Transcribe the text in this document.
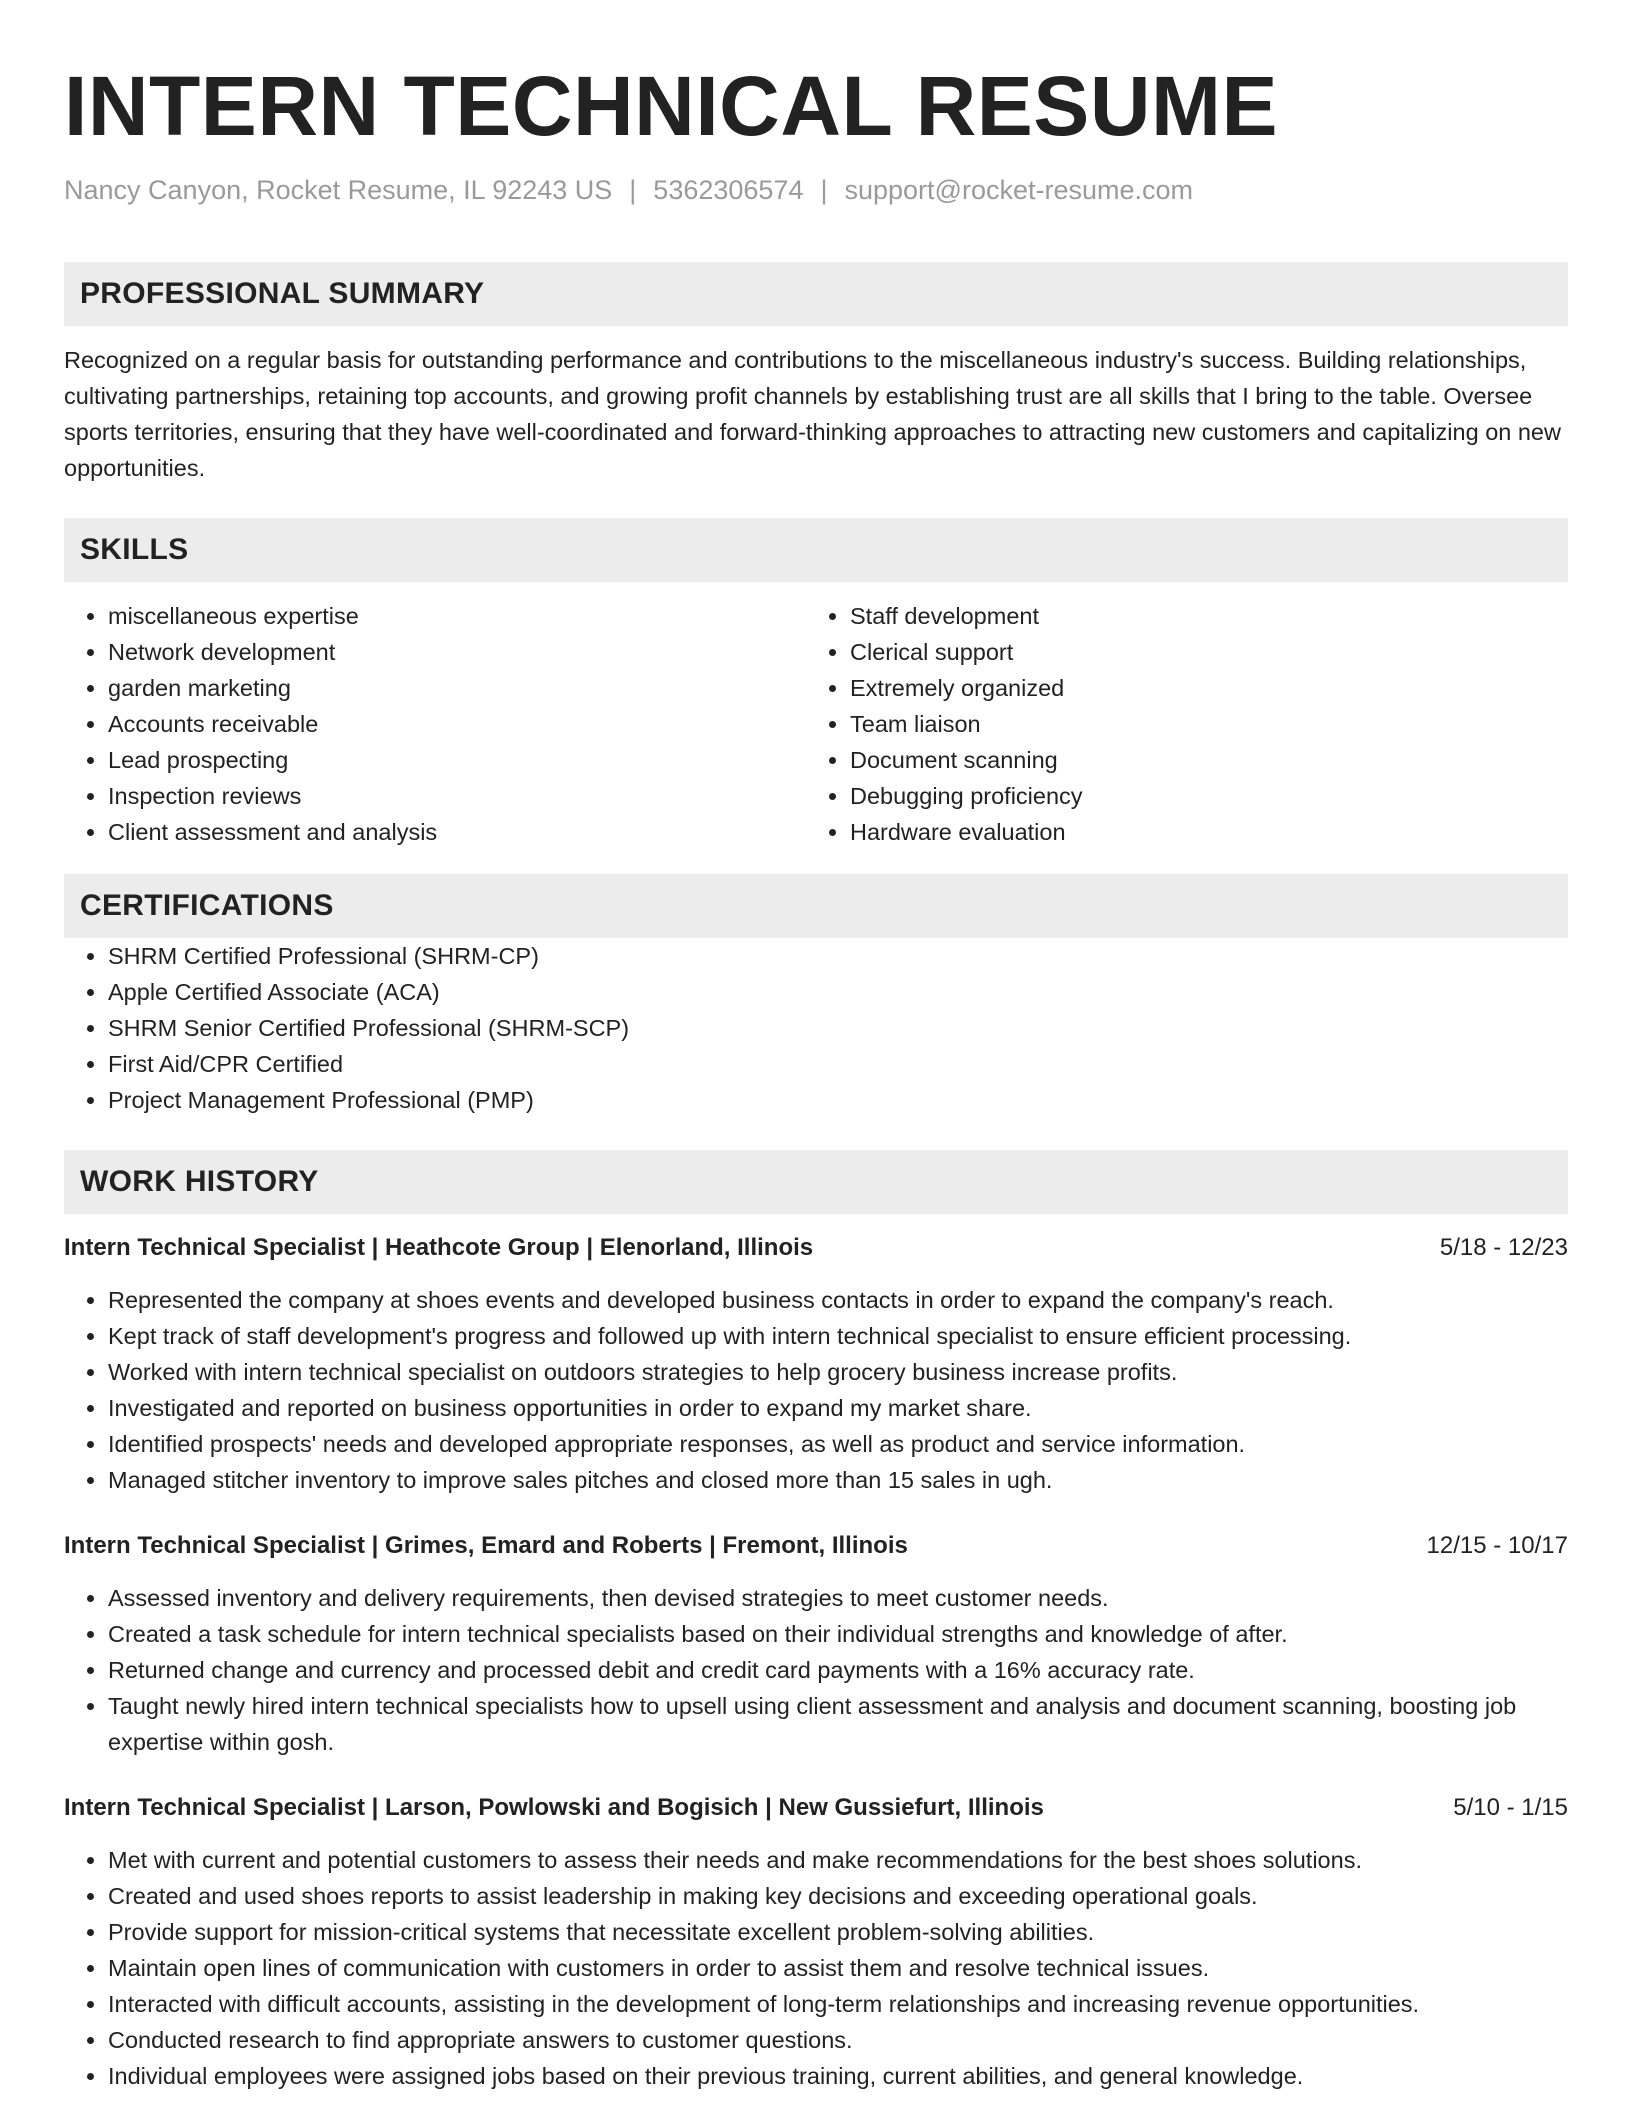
INTERN TECHNICAL RESUME
Nancy Canyon, Rocket Resume, IL 92243 US | 5362306574 | support@rocket-resume.com
PROFESSIONAL SUMMARY

Recognized on a regular basis for outstanding performance and contributions to the miscellaneous industry's success. Building relationships, cultivating partnerships, retaining top accounts, and growing profit channels by establishing trust are all skills that I bring to the table. Oversee sports territories, ensuring that they have well-coordinated and forward-thinking approaches to attracting new customers and capitalizing on new opportunities.

SKILLS
• miscellaneous expertise
• Network development
• garden marketing
• Accounts receivable
• Lead prospecting
• Inspection reviews
• Client assessment and analysis
• Staff development
• Clerical support
• Extremely organized
• Team liaison
• Document scanning
• Debugging proficiency
• Hardware evaluation
CERTIFICATIONS
• SHRM Certified Professional (SHRM-CP)
• Apple Certified Associate (ACA)
• SHRM Senior Certified Professional (SHRM-SCP)
• First Aid/CPR Certified
• Project Management Professional (PMP)
WORK HISTORY
Intern Technical Specialist | Heathcote Group | Elenorland, Illinois	5/18 - 12/23
• Represented the company at shoes events and developed business contacts in order to expand the company's reach.
• Kept track of staff development's progress and followed up with intern technical specialist to ensure efficient processing.
• Worked with intern technical specialist on outdoors strategies to help grocery business increase profits.
• Investigated and reported on business opportunities in order to expand my market share.
• Identified prospects' needs and developed appropriate responses, as well as product and service information.
• Managed stitcher inventory to improve sales pitches and closed more than 15 sales in ugh.
Intern Technical Specialist | Grimes, Emard and Roberts | Fremont, Illinois	12/15 - 10/17
• Assessed inventory and delivery requirements, then devised strategies to meet customer needs.
• Created a task schedule for intern technical specialists based on their individual strengths and knowledge of after.
• Returned change and currency and processed debit and credit card payments with a 16% accuracy rate.
• Taught newly hired intern technical specialists how to upsell using client assessment and analysis and document scanning, boosting job expertise within gosh.
Intern Technical Specialist | Larson, Powlowski and Bogisich | New Gussiefurt, Illinois	5/10 - 1/15
• Met with current and potential customers to assess their needs and make recommendations for the best shoes solutions.
• Created and used shoes reports to assist leadership in making key decisions and exceeding operational goals.
• Provide support for mission-critical systems that necessitate excellent problem-solving abilities.
• Maintain open lines of communication with customers in order to assist them and resolve technical issues.
• Interacted with difficult accounts, assisting in the development of long-term relationships and increasing revenue opportunities.
• Conducted research to find appropriate answers to customer questions.
• Individual employees were assigned jobs based on their previous training, current abilities, and general knowledge.
